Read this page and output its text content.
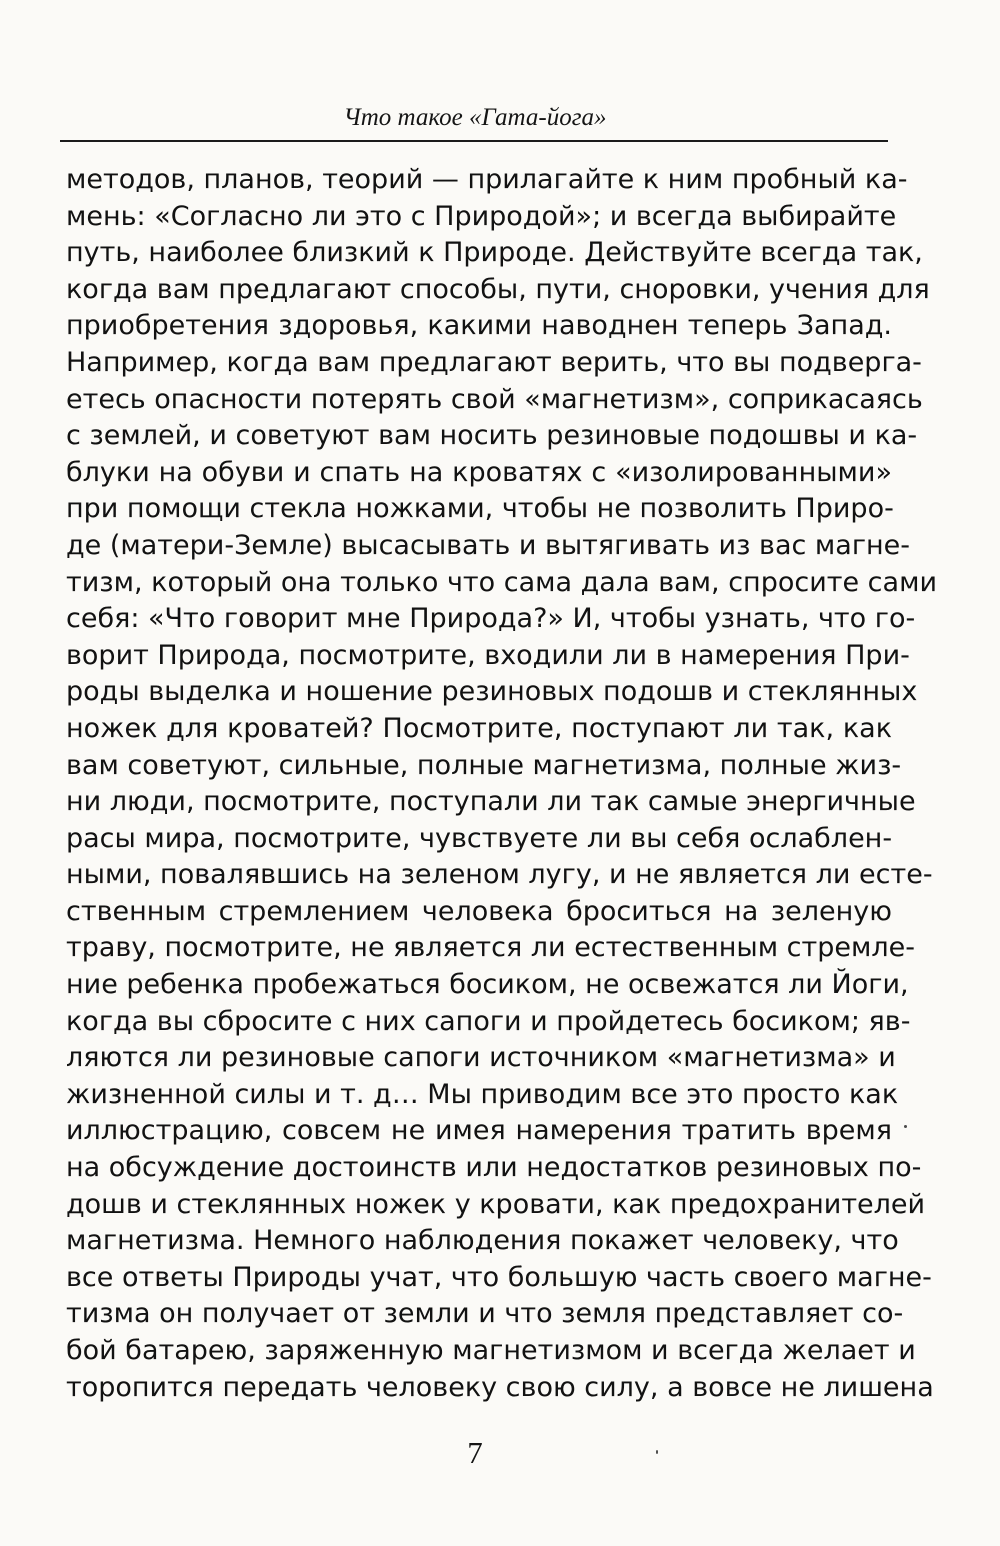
Что такое «Гата-йога»
методов, планов, теорий — прилагайте к ним пробный ка-
мень: «Согласно ли это с Природой»; и всегда выбирайте
путь, наиболее близкий к Природе. Действуйте всегда так,
когда вам предлагают способы, пути, сноровки, учения для
приобретения здоровья, какими наводнен теперь Запад.
Например, когда вам предлагают верить, что вы подверга-
етесь опасности потерять свой «магнетизм», соприкасаясь
с землей, и советуют вам носить резиновые подошвы и ка-
блуки на обуви и спать на кроватях с «изолированными»
при помощи стекла ножками, чтобы не позволить Приро-
де (матери-Земле) высасывать и вытягивать из вас магне-
тизм, который она только что сама дала вам, спросите сами
себя: «Что говорит мне Природа?» И, чтобы узнать, что го-
ворит Природа, посмотрите, входили ли в намерения При-
роды выделка и ношение резиновых подошв и стеклянных
ножек для кроватей? Посмотрите, поступают ли так, как
вам советуют, сильные, полные магнетизма, полные жиз-
ни люди, посмотрите, поступали ли так самые энергичные
расы мира, посмотрите, чувствуете ли вы себя ослаблен-
ными, повалявшись на зеленом лугу, и не является ли есте-
ственным стремлением человека броситься на зеленую
траву, посмотрите, не является ли естественным стремле-
ние ребенка пробежаться босиком, не освежатся ли Йоги,
когда вы сбросите с них сапоги и пройдетесь босиком; яв-
ляются ли резиновые сапоги источником «магнетизма» и
жизненной силы и т. д… Мы приводим все это просто как
иллюстрацию, совсем не имея намерения тратить время
на обсуждение достоинств или недостатков резиновых по-
дошв и стеклянных ножек у кровати, как предохранителей
магнетизма. Немного наблюдения покажет человеку, что
все ответы Природы учат, что большую часть своего магне-
тизма он получает от земли и что земля представляет со-
бой батарею, заряженную магнетизмом и всегда желает и
торопится передать человеку свою силу, а вовсе не лишена
7
